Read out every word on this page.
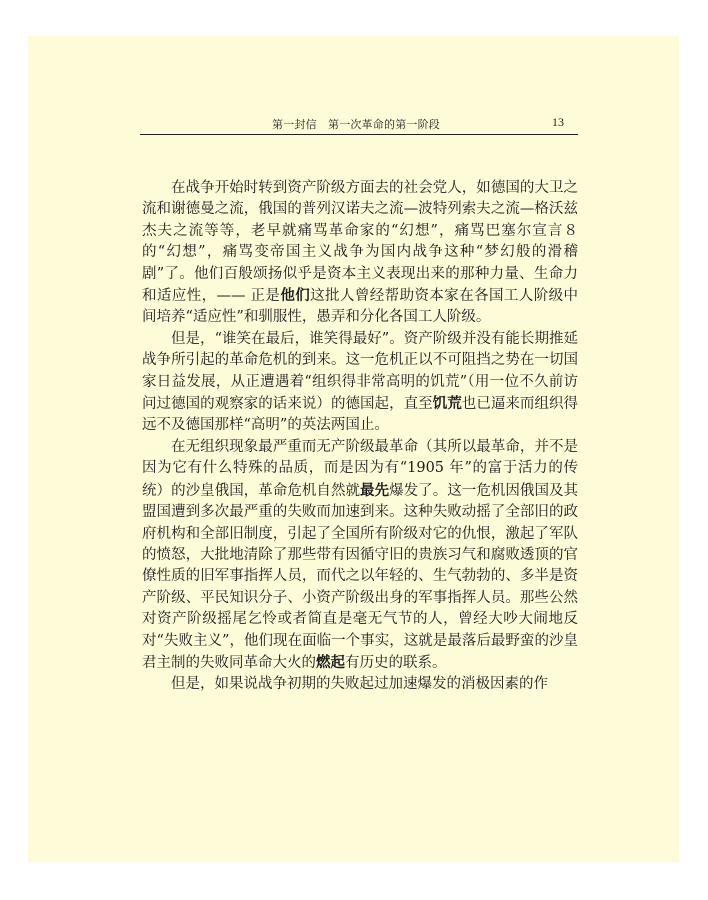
第一封信　第一次革命的第一阶段	13

在战争开始时转到资产阶级方面去的社会党人，如德国的大卫之流和谢德曼之流，俄国的普列汉诺夫之流—波特列索夫之流—格沃兹杰夫之流等等，老早就痛骂革命家的“幻想”，痛骂巴塞尔宣言８的“幻想”，痛骂变帝国主义战争为国内战争这种“梦幻般的滑稽剧”了。他们百般颂扬似乎是资本主义表现出来的那种力量、生命力和适应性，—— 正是他们这批人曾经帮助资本家在各国工人阶级中间培养“适应性”和驯服性，愚弄和分化各国工人阶级。

但是，“谁笑在最后，谁笑得最好”。资产阶级并没有能长期推延战争所引起的革命危机的到来。这一危机正以不可阻挡之势在一切国家日益发展，从正遭遇着“组织得非常高明的饥荒”（用一位不久前访问过德国的观察家的话来说）的德国起，直至饥荒也已逼来而组织得远不及德国那样“高明”的英法两国止。

在无组织现象最严重而无产阶级最革命（其所以最革命，并不是因为它有什么特殊的品质，而是因为有“1905 年”的富于活力的传统）的沙皇俄国，革命危机自然就最先爆发了。这一危机因俄国及其盟国遭到多次最严重的失败而加速到来。这种失败动摇了全部旧的政府机构和全部旧制度，引起了全国所有阶级对它的仇恨，激起了军队的愤怒，大批地清除了那些带有因循守旧的贵族习气和腐败透顶的官僚性质的旧军事指挥人员，而代之以年轻的、生气勃勃的、多半是资产阶级、平民知识分子、小资产阶级出身的军事指挥人员。那些公然对资产阶级摇尾乞怜或者简直是毫无气节的人，曾经大吵大闹地反对“失败主义”，他们现在面临一个事实，这就是最落后最野蛮的沙皇君主制的失败同革命大火的燃起有历史的联系。

但是，如果说战争初期的失败起过加速爆发的消极因素的作
